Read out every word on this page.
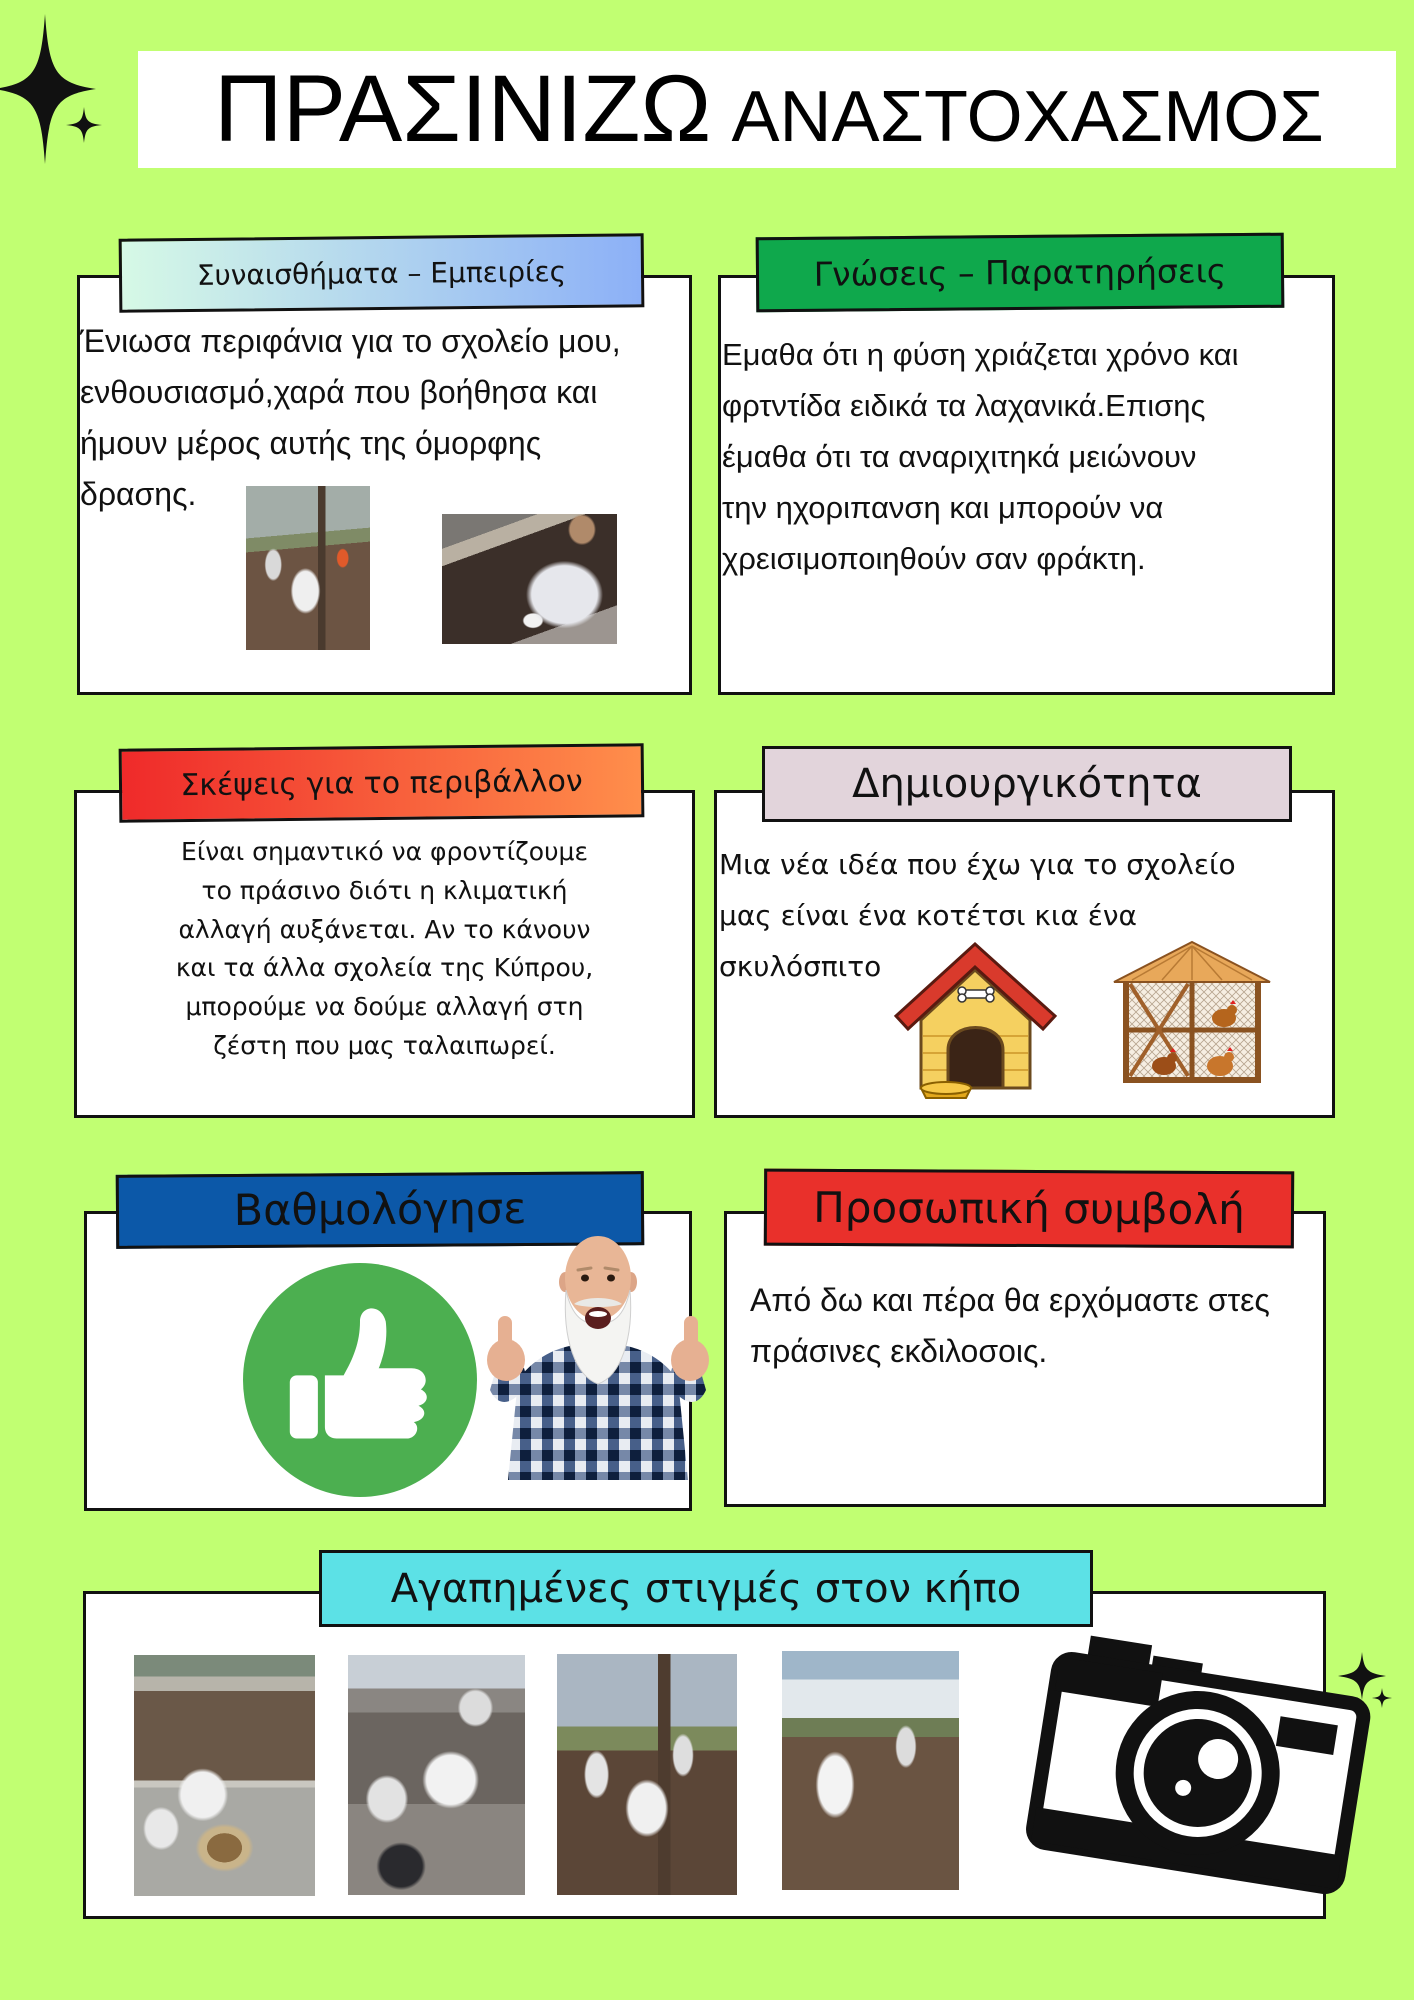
ΠΡΑΣΙΝΙΖΩ ΑΝΑΣΤΟΧΑΣΜΟΣ
Συναισθήματα – Εμπειρίες
Ένιωσα περιφάνια για το σχολείο μου,
ενθουσιασμό,χαρά που βοήθησα και
ήμουν μέρος αυτής της όμορφης
δρασης.
Γνώσεις – Παρατηρήσεις
Εμαθα ότι η φύση χριάζεται χρόνο και
φρτντίδα ειδικά τα λαχανικά.Επισης
έμαθα ότι τα αναριχιτηκά μειώνουν
την ηχοριπανση και μπορούν να
χρεισιμοποιηθούν σαν φράκτη.
Σκέψεις για το περιβάλλον
Είναι σημαντικό να φροντίζουμε
το πράσινο διότι η κλιματική
αλλαγή αυξάνεται. Αν το κάνουν
και τα άλλα σχολεία της Κύπρου,
μπορούμε να δούμε αλλαγή στη
ζέστη που μας ταλαιπωρεί.
Δημιουργικότητα
Μια νέα ιδέα που έχω για το σχολείο
μας είναι ένα κοτέτσι κια ένα
σκυλόσπιτο
Βαθμολόγησε	Προσωπική συμβολή
Από δω και πέρα θα ερχόμαστε στες
πράσινες εκδιλοσοις.
Αγαπημένες στιγμές στον κήπο
